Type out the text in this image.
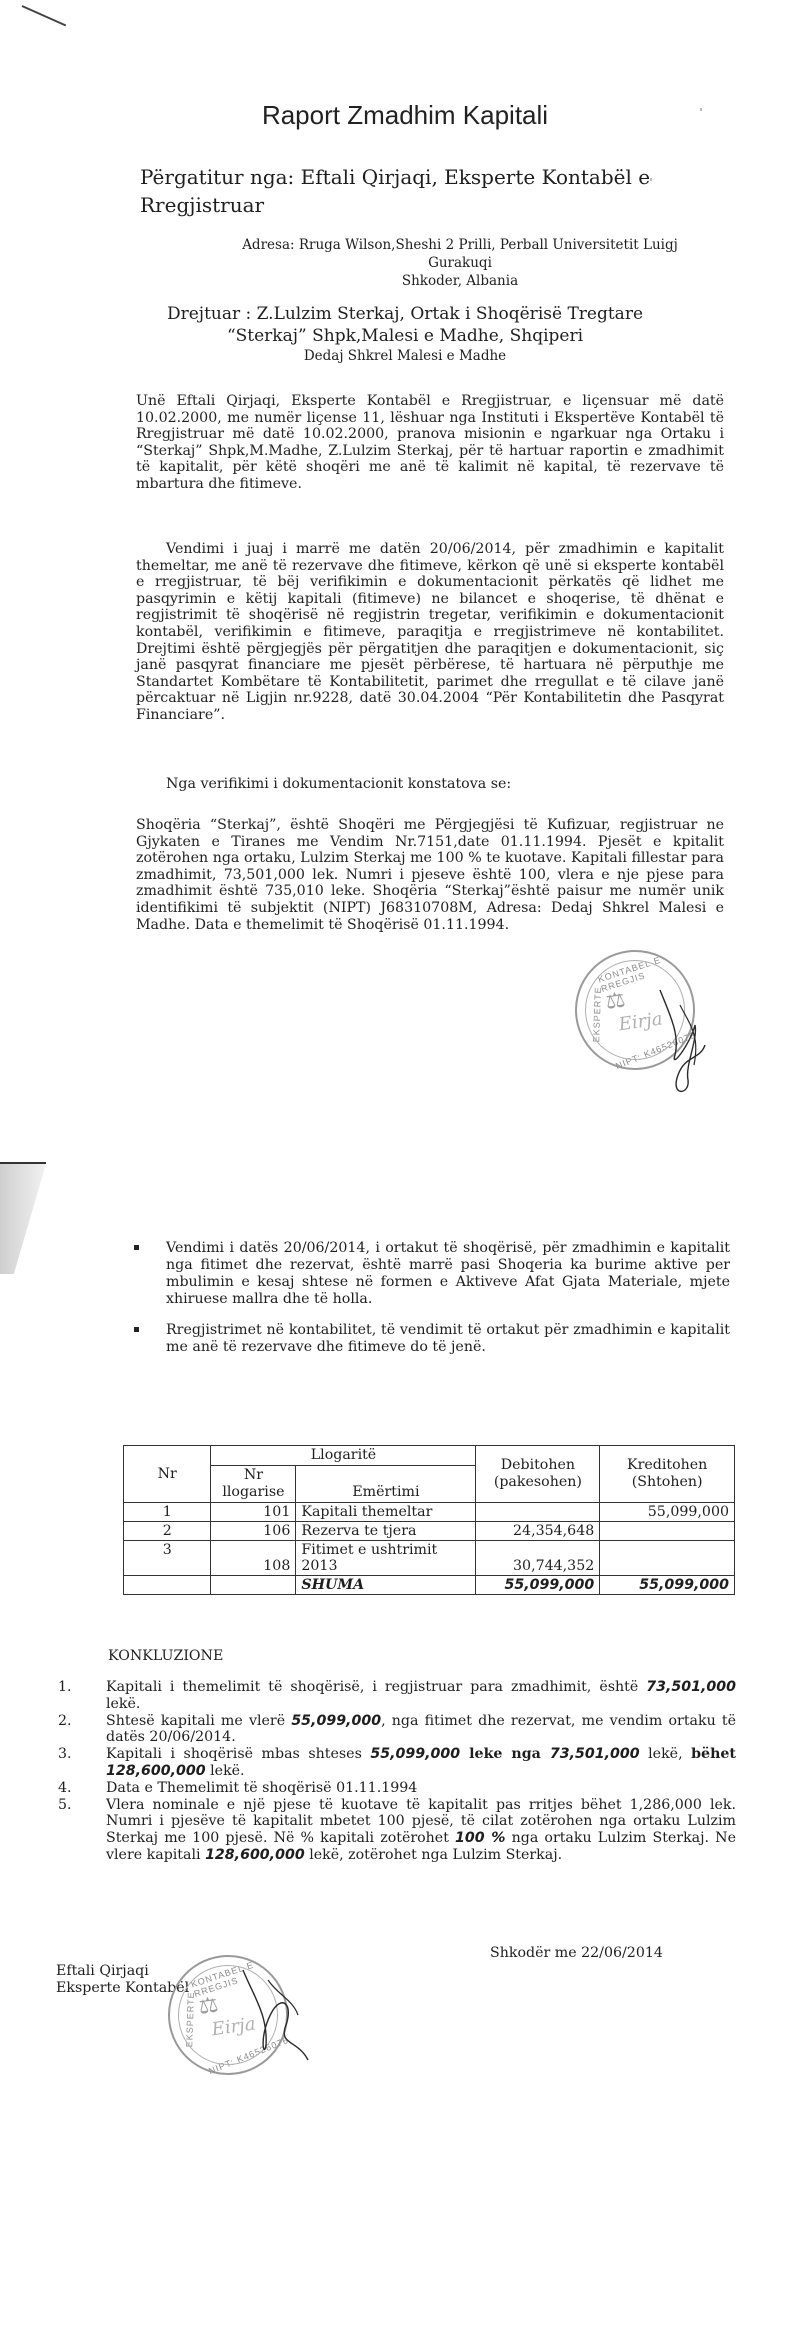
Raport Zmadhim Kapitali
Përgatitur nga: Eftali Qirjaqi, Eksperte Kontabël e Rregjistruar
Adresa: Rruga Wilson,Sheshi 2 Prilli, Perball Universitetit Luigj
Gurakuqi
Shkoder, Albania
Drejtuar : Z.Lulzim Sterkaj, Ortak i Shoqërisë Tregtare
“Sterkaj” Shpk,Malesi e Madhe, Shqiperi
Dedaj Shkrel Malesi e Madhe
Unë Eftali Qirjaqi, Eksperte Kontabël e Rregjistruar, e liçensuar më datë 10.02.2000, me numër liçense 11, lëshuar nga Instituti i Ekspertëve Kontabël të Rregjistruar më datë 10.02.2000, pranova misionin e ngarkuar nga Ortaku i “Sterkaj” Shpk,M.Madhe, Z.Lulzim Sterkaj, për të hartuar raportin e zmadhimit të kapitalit, për këtë shoqëri me anë të kalimit në kapital, të rezervave të mbartura dhe fitimeve.
Vendimi i juaj i marrë me datën 20/06/2014, për zmadhimin e kapitalit themeltar, me anë të rezervave dhe fitimeve, kërkon që unë si eksperte kontabël e rregjistruar, të bëj verifikimin e dokumentacionit përkatës që lidhet me pasqyrimin e këtij kapitali (fitimeve) ne bilancet e shoqerise, të dhënat e regjistrimit të shoqërisë në regjistrin tregetar, verifikimin e dokumentacionit kontabël, verifikimin e fitimeve, paraqitja e rregjistrimeve në kontabilitet. Drejtimi është përgjegjës për përgatitjen dhe paraqitjen e dokumentacionit, siç janë pasqyrat financiare me pjesët përbërese, të hartuara në përputhje me Standartet Kombëtare të Kontabilitetit, parimet dhe rregullat e të cilave janë përcaktuar në Ligjin nr.9228, datë 30.04.2004 “Për Kontabilitetin dhe Pasqyrat Financiare”.
Nga verifikimi i dokumentacionit konstatova se:
Shoqëria “Sterkaj”, është Shoqëri me Përgjegjësi të Kufizuar, regjistruar ne Gjykaten e Tiranes me Vendim Nr.7151,date 01.11.1994. Pjesët e kpitalit zotërohen nga ortaku, Lulzim Sterkaj me 100 % te kuotave. Kapitali fillestar para zmadhimit, 73,501,000 lek. Numri i pjeseve është 100, vlera e nje pjese para zmadhimit është 735,010 leke. Shoqëria “Sterkaj”është paisur me numër unik identifikimi të subjektit (NIPT) J68310708M, Adresa: Dedaj Shkrel Malesi e Madhe. Data e themelimit të Shoqërisë 01.11.1994.
KONTABEL E RREGJIS
EKSPERTE ⚖
Eirja
NIPT: K46526076
Vendimi i datës 20/06/2014, i ortakut të shoqërisë, për zmadhimin e kapitalit nga fitimet dhe rezervat, është marrë pasi Shoqeria ka burime aktive per mbulimin e kesaj shtese në formen e Aktiveve Afat Gjata Materiale, mjete xhiruese mallra dhe të holla.
Rregjistrimet në kontabilitet, të vendimit të ortakut për zmadhimin e kapitalit me anë të rezervave dhe fitimeve do të jenë.
Nr	Llogaritë		Debitohen (pakesohen)	Kreditohen (Shtohen)
	Nr llogarise	Emërtimi		
1	101	Kapitali themeltar		55,099,000
2	106	Rezerva te tjera	24,354,648	
3	108	Fitimet e ushtrimit 2013	30,744,352	
		SHUMA	55,099,000	55,099,000
KONKLUZIONE
1. Kapitali i themelimit të shoqërisë, i regjistruar para zmadhimit, është 73,501,000 lekë.
2. Shtesë kapitali me vlerë 55,099,000, nga fitimet dhe rezervat, me vendim ortaku të datës 20/06/2014.
3. Kapitali i shoqërisë mbas shteses 55,099,000 leke nga 73,501,000 lekë, bëhet 128,600,000 lekë.
4. Data e Themelimit të shoqërisë 01.11.1994
5. Vlera nominale e një pjese të kuotave të kapitalit pas rritjes bëhet 1,286,000 lek. Numri i pjesëve të kapitalit mbetet 100 pjesë, të cilat zotërohen nga ortaku Lulzim Sterkaj me 100 pjesë. Në % kapitali zotërohet 100 % nga ortaku Lulzim Sterkaj. Ne vlere kapitali 128,600,000 lekë, zotërohet nga Lulzim Sterkaj.
Shkodër me 22/06/2014
Eftali Qirjaqi
Eksperte Kontabël KONTABEL E RREGJIS
EKSPERTE ⚖
Eirja
NIPT: K46526076
